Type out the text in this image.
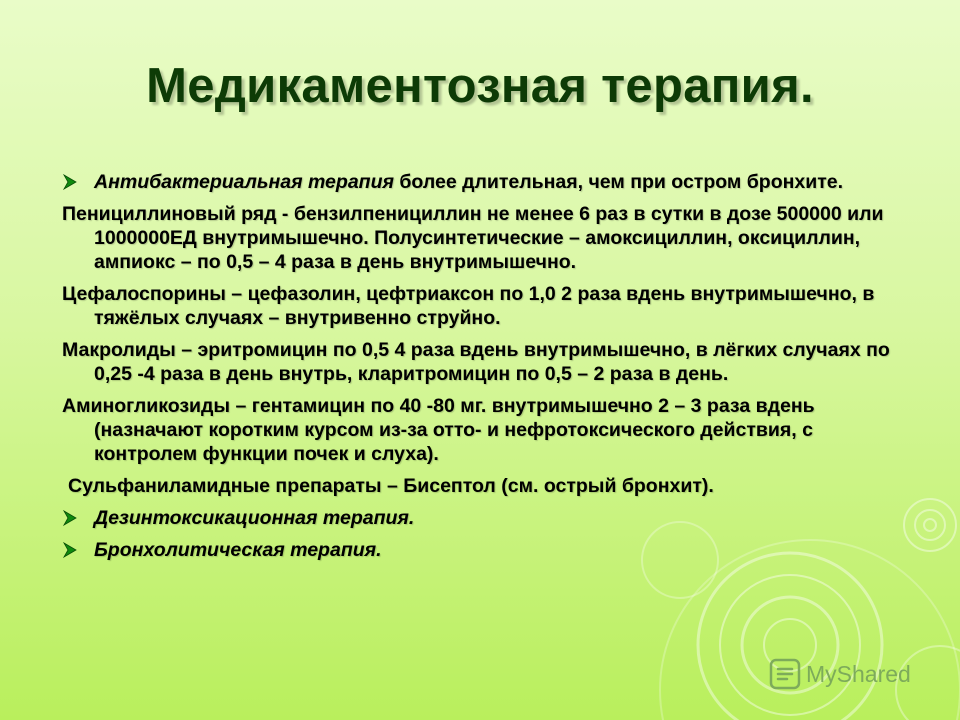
Медикаментозная терапия.

Антибактериальная терапия более длительная, чем при остром бронхите.

Пенициллиновый ряд - бензилпенициллин не менее 6 раз в сутки в дозе 500000 или 1000000ЕД внутримышечно. Полусинтетические – амоксициллин, оксициллин, ампиокс – по 0,5 – 4 раза в день внутримышечно.

Цефалоспорины – цефазолин, цефтриаксон по 1,0 2 раза вдень внутримышечно, в тяжёлых случаях – внутривенно струйно.

Макролиды – эритромицин по 0,5 4 раза вдень внутримышечно, в лёгких случаях по 0,25 -4 раза в день внутрь, кларитромицин по 0,5 – 2 раза в день.

Аминогликозиды – гентамицин по 40 -80 мг. внутримышечно 2 – 3 раза вдень (назначают коротким курсом из-за отто- и нефротоксического действия, с контролем функции почек и слуха).

Сульфаниламидные препараты – Бисептол (см. острый бронхит).

Дезинтоксикационная терапия.

Бронхолитическая терапия.

MyShared
